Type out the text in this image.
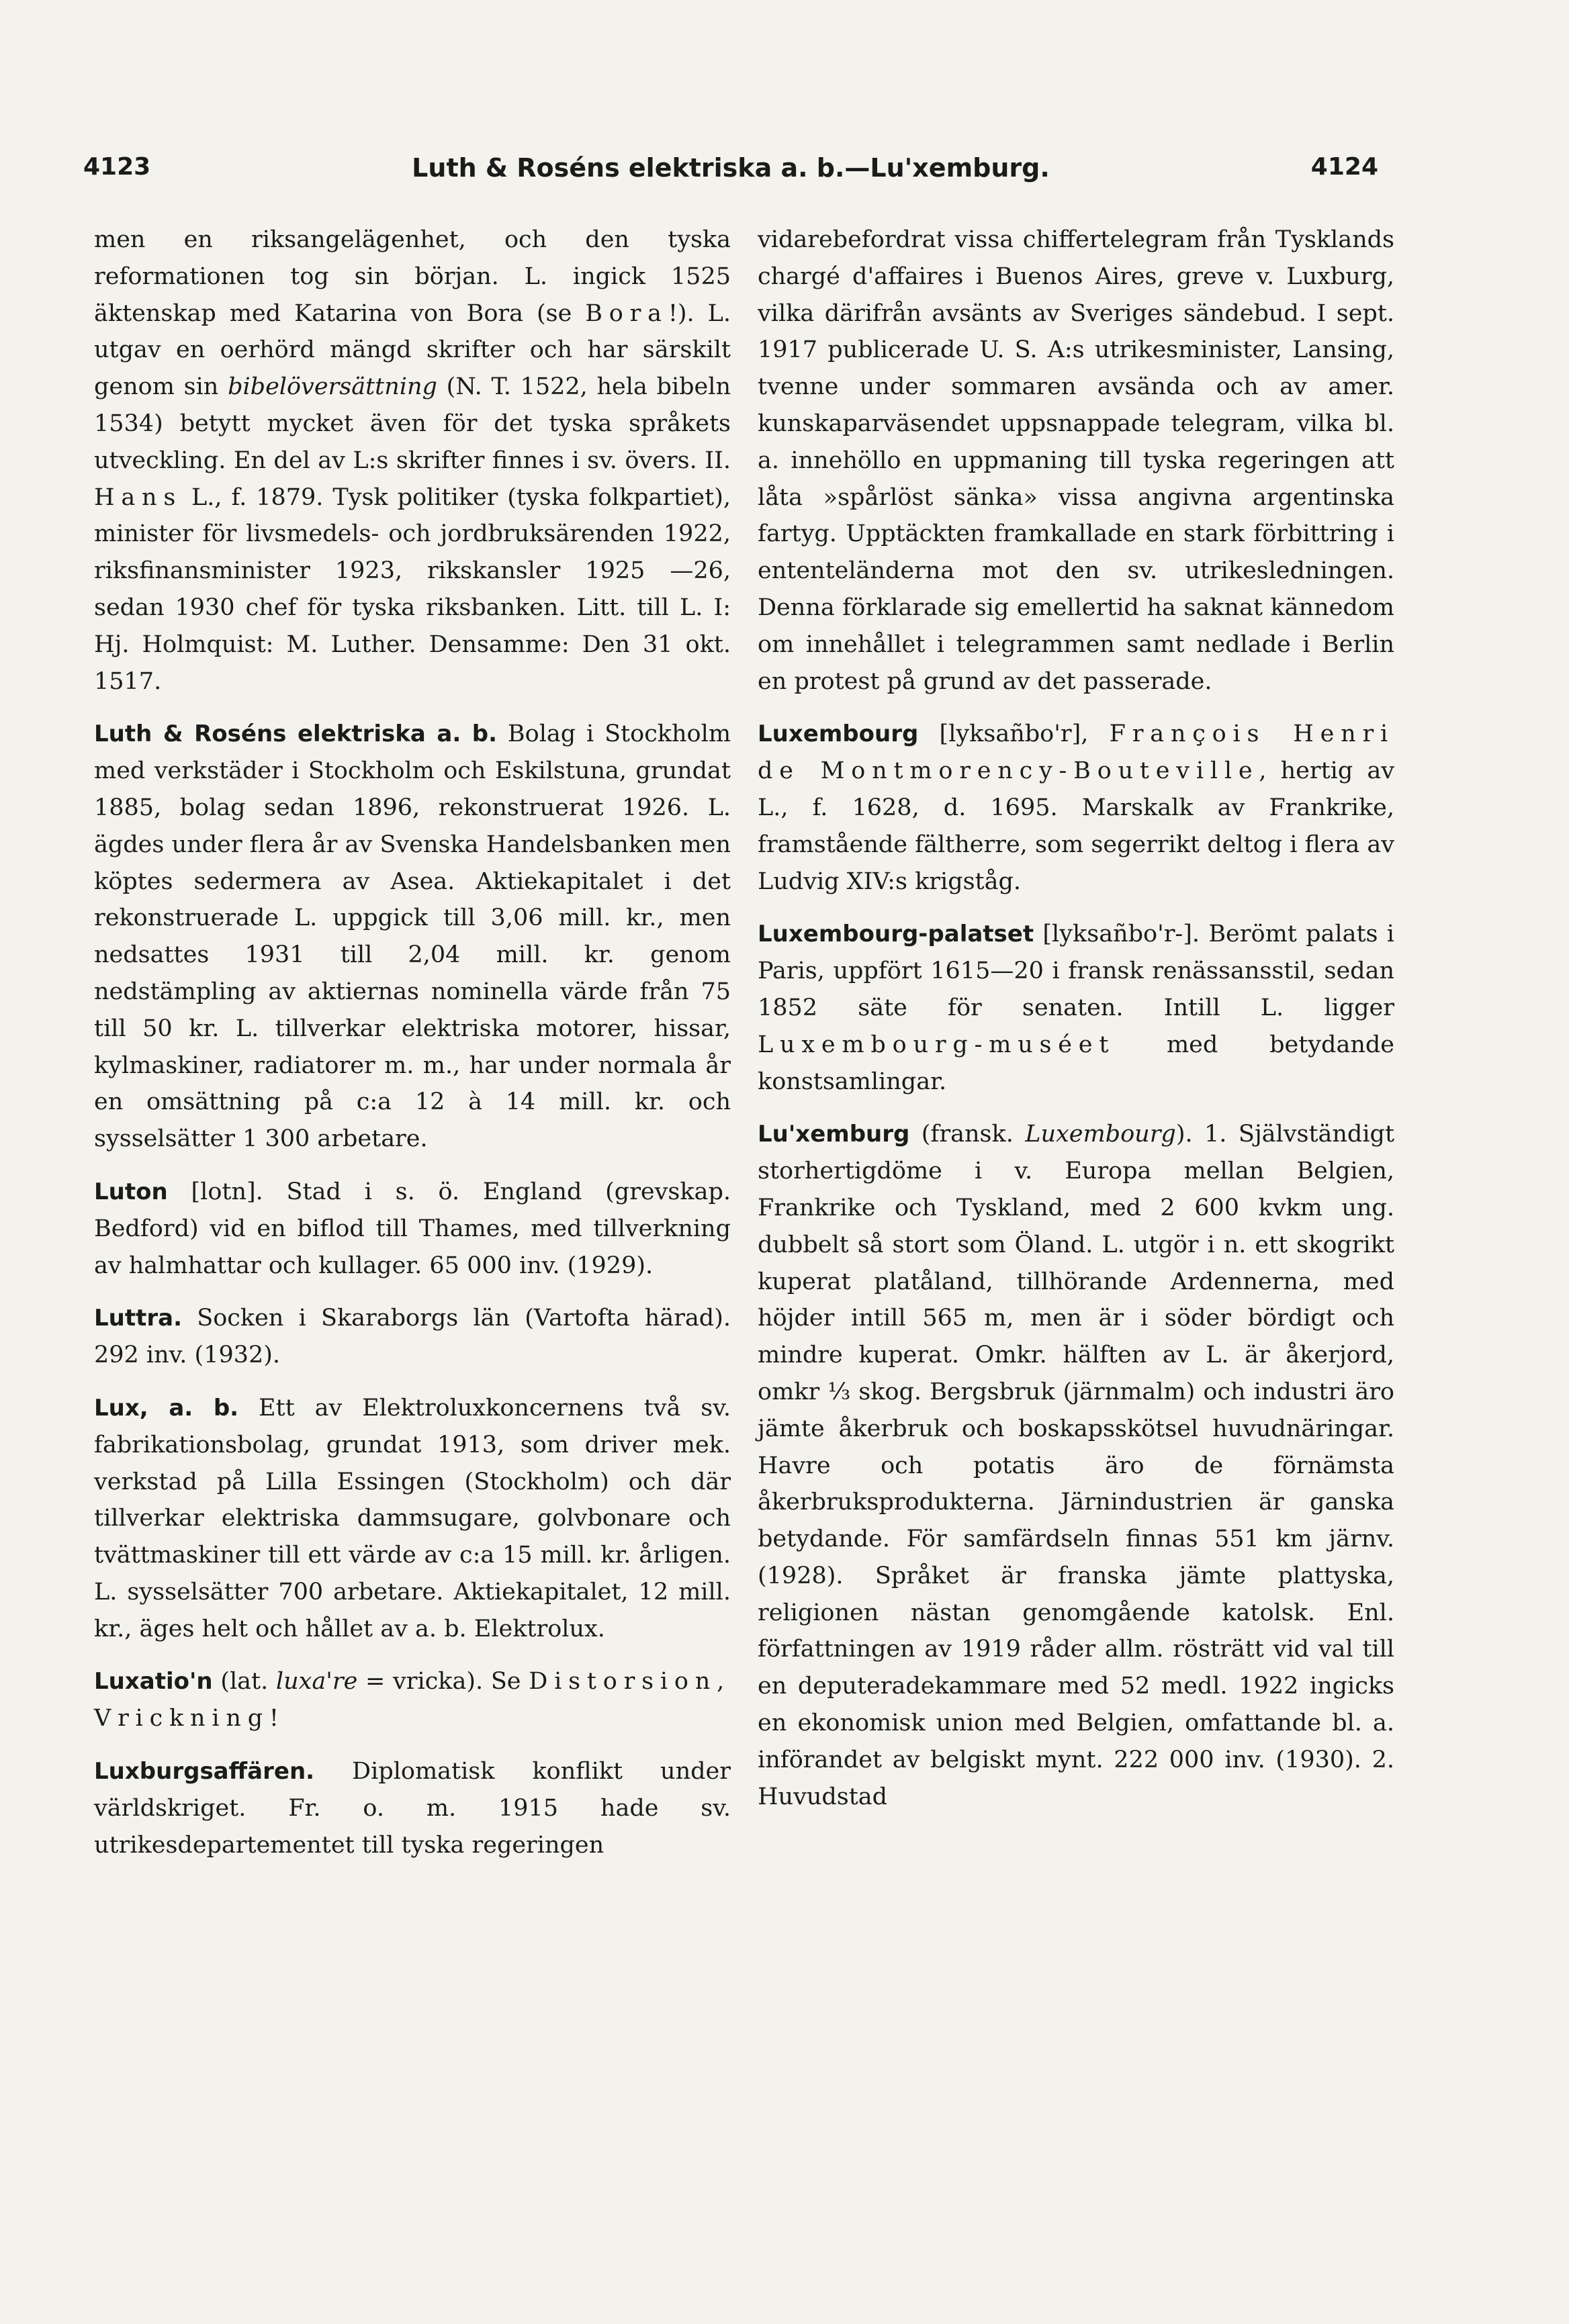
4123	Luth & Roséns elektriska a. b.—Lu'xemburg.	4124

men en riksangelägenhet, och den tyska reformationen tog sin början. L. ingick 1525 äktenskap med Katarina von Bora (se Bora!). L. utgav en oerhörd mängd skrifter och har särskilt genom sin bibelöversättning (N. T. 1522, hela bibeln 1534) betytt mycket även för det tyska språkets utveckling. En del av L:s skrifter finnes i sv. övers. II. Hans L., f. 1879. Tysk politiker (tyska folkpartiet), minister för livsmedels- och jordbruksärenden 1922, riksfinansminister 1923, rikskansler 1925 —26, sedan 1930 chef för tyska riksbanken. Litt. till L. I: Hj. Holmquist: M. Luther. Densamme: Den 31 okt. 1517.

Luth & Roséns elektriska a. b. Bolag i Stockholm med verkstäder i Stockholm och Eskilstuna, grundat 1885, bolag sedan 1896, rekonstruerat 1926. L. ägdes under flera år av Svenska Handelsbanken men köptes sedermera av Asea. Aktiekapitalet i det rekonstruerade L. uppgick till 3,06 mill. kr., men nedsattes 1931 till 2,04 mill. kr. genom nedstämpling av aktiernas nominella värde från 75 till 50 kr. L. tillverkar elektriska motorer, hissar, kylmaskiner, radiatorer m. m., har under normala år en omsättning på c:a 12 à 14 mill. kr. och sysselsätter 1 300 arbetare.

Luton [lotn]. Stad i s. ö. England (grevskap. Bedford) vid en biflod till Thames, med tillverkning av halmhattar och kullager. 65 000 inv. (1929).

Luttra. Socken i Skaraborgs län (Vartofta härad). 292 inv. (1932).

Lux, a. b. Ett av Elektroluxkoncernens två sv. fabrikationsbolag, grundat 1913, som driver mek. verkstad på Lilla Essingen (Stockholm) och där tillverkar elektriska dammsugare, golvbonare och tvättmaskiner till ett värde av c:a 15 mill. kr. årligen. L. sysselsätter 700 arbetare. Aktiekapitalet, 12 mill. kr., äges helt och hållet av a. b. Elektrolux.

Luxatio'n (lat. luxa're = vricka). Se Distorsion, Vrickning!

Luxburgsaffären. Diplomatisk konflikt under världskriget. Fr. o. m. 1915 hade sv. utrikesdepartementet till tyska regeringen

vidarebefordrat vissa chiffertelegram från Tysklands chargé d'affaires i Buenos Aires, greve v. Luxburg, vilka därifrån avsänts av Sveriges sändebud. I sept. 1917 publicerade U. S. A:s utrikesminister, Lansing, tvenne under sommaren avsända och av amer. kunskaparväsendet uppsnappade telegram, vilka bl. a. innehöllo en uppmaning till tyska regeringen att låta »spårlöst sänka» vissa angivna argentinska fartyg. Upptäckten framkallade en stark förbittring i ententeländerna mot den sv. utrikesledningen. Denna förklarade sig emellertid ha saknat kännedom om innehållet i telegrammen samt nedlade i Berlin en protest på grund av det passerade.

Luxembourg [lyksañbo'r], François Henri de Montmorency-Bouteville, hertig av L., f. 1628, d. 1695. Marskalk av Frankrike, framstående fältherre, som segerrikt deltog i flera av Ludvig XIV:s krigståg.

Luxembourg-palatset [lyksañbo'r-]. Berömt palats i Paris, uppfört 1615—20 i fransk renässansstil, sedan 1852 säte för senaten. Intill L. ligger Luxembourg-muséet med betydande konstsamlingar.

Lu'xemburg (fransk. Luxembourg). 1. Självständigt storhertigdöme i v. Europa mellan Belgien, Frankrike och Tyskland, med 2 600 kvkm ung. dubbelt så stort som Öland. L. utgör i n. ett skogrikt kuperat platåland, tillhörande Ardennerna, med höjder intill 565 m, men är i söder bördigt och mindre kuperat. Omkr. hälften av L. är åkerjord, omkr ⅓ skog. Bergsbruk (järnmalm) och industri äro jämte åkerbruk och boskapsskötsel huvudnäringar. Havre och potatis äro de förnämsta åkerbruksprodukterna. Järnindustrien är ganska betydande. För samfärdseln finnas 551 km järnv. (1928). Språket är franska jämte plattyska, religionen nästan genomgående katolsk. Enl. författningen av 1919 råder allm. rösträtt vid val till en deputeradekammare med 52 medl. 1922 ingicks en ekonomisk union med Belgien, omfattande bl. a. införandet av belgiskt mynt. 222 000 inv. (1930). 2. Huvudstad
